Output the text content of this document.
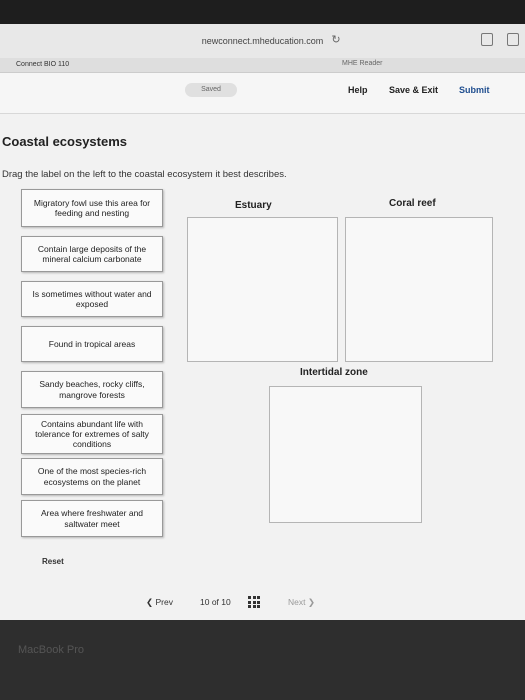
newconnect.mheducation.com ↻
Connect BIO 110	MHE Reader
Saved	Help Save & Exit Submit
Coastal ecosystems
Drag the label on the left to the coastal ecosystem it best describes.
Migratory fowl use this area for feeding and nesting
Contain large deposits of the mineral calcium carbonate
Is sometimes without water and exposed
Found in tropical areas
Sandy beaches, rocky cliffs, mangrove forests
Contains abundant life with tolerance for extremes of salty conditions
One of the most species-rich ecosystems on the planet
Area where freshwater and saltwater meet
Estuary	Coral reef
Intertidal zone
Reset
❮ Prev	10 of 10	Next ❯
MacBook Pro
